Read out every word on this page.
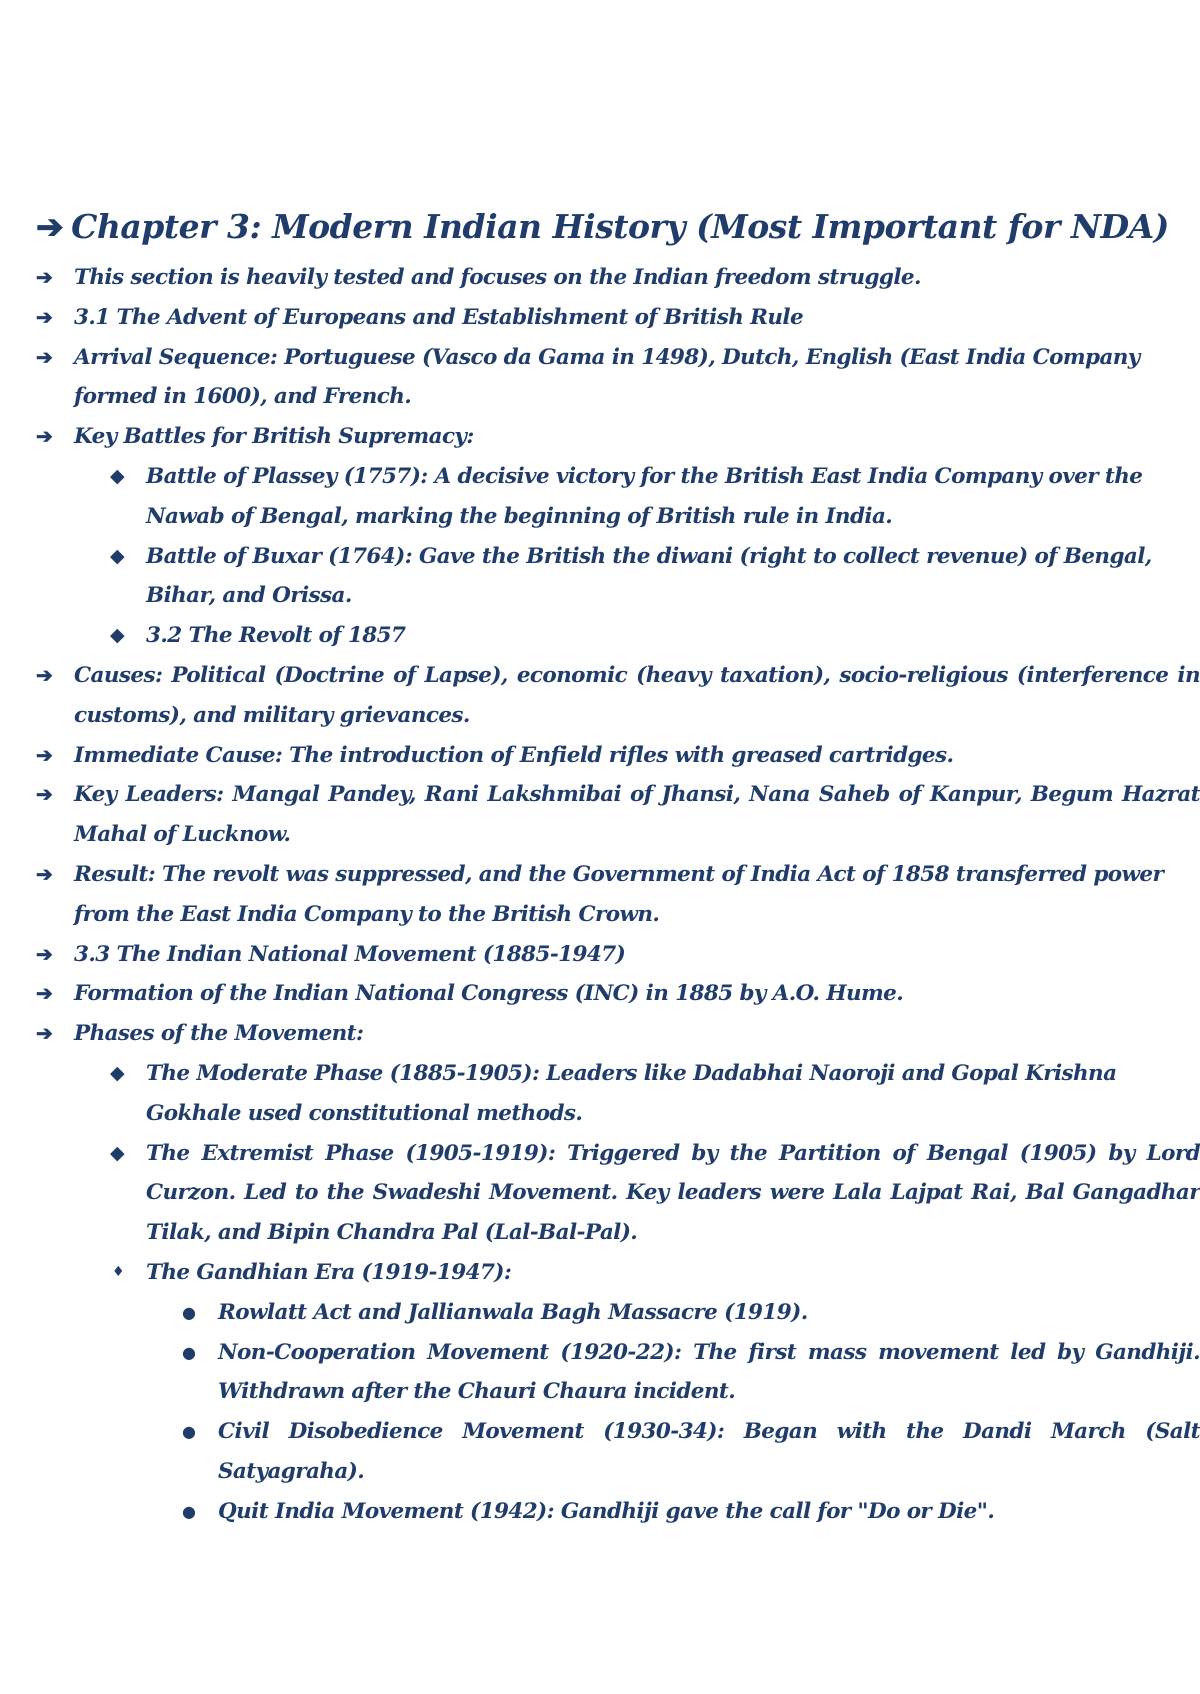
➔ Chapter 3: Modern Indian History (Most Important for NDA)
➔ This section is heavily tested and focuses on the Indian freedom struggle.
➔ 3.1 The Advent of Europeans and Establishment of British Rule
➔ Arrival Sequence: Portuguese (Vasco da Gama in 1498), Dutch, English (East India Company formed in 1600), and French.
➔ Key Battles for British Supremacy:
◆ Battle of Plassey (1757): A decisive victory for the British East India Company over the Nawab of Bengal, marking the beginning of British rule in India.
◆ Battle of Buxar (1764): Gave the British the diwani (right to collect revenue) of Bengal, Bihar, and Orissa.
◆ 3.2 The Revolt of 1857
➔ Causes: Political (Doctrine of Lapse), economic (heavy taxation), socio-religious (interference in customs), and military grievances.
➔ Immediate Cause: The introduction of Enfield rifles with greased cartridges.
➔ Key Leaders: Mangal Pandey, Rani Lakshmibai of Jhansi, Nana Saheb of Kanpur, Begum Hazrat Mahal of Lucknow.
➔ Result: The revolt was suppressed, and the Government of India Act of 1858 transferred power from the East India Company to the British Crown.
➔ 3.3 The Indian National Movement (1885-1947)
➔ Formation of the Indian National Congress (INC) in 1885 by A.O. Hume.
➔ Phases of the Movement:
◆ The Moderate Phase (1885-1905): Leaders like Dadabhai Naoroji and Gopal Krishna Gokhale used constitutional methods.
◆ The Extremist Phase (1905-1919): Triggered by the Partition of Bengal (1905) by Lord Curzon. Led to the Swadeshi Movement. Key leaders were Lala Lajpat Rai, Bal Gangadhar Tilak, and Bipin Chandra Pal (Lal-Bal-Pal).
♦ The Gandhian Era (1919-1947):
● Rowlatt Act and Jallianwala Bagh Massacre (1919).
● Non-Cooperation Movement (1920-22): The first mass movement led by Gandhiji. Withdrawn after the Chauri Chaura incident.
● Civil Disobedience Movement (1930-34): Began with the Dandi March (Salt Satyagraha).
● Quit India Movement (1942): Gandhiji gave the call for "Do or Die".
